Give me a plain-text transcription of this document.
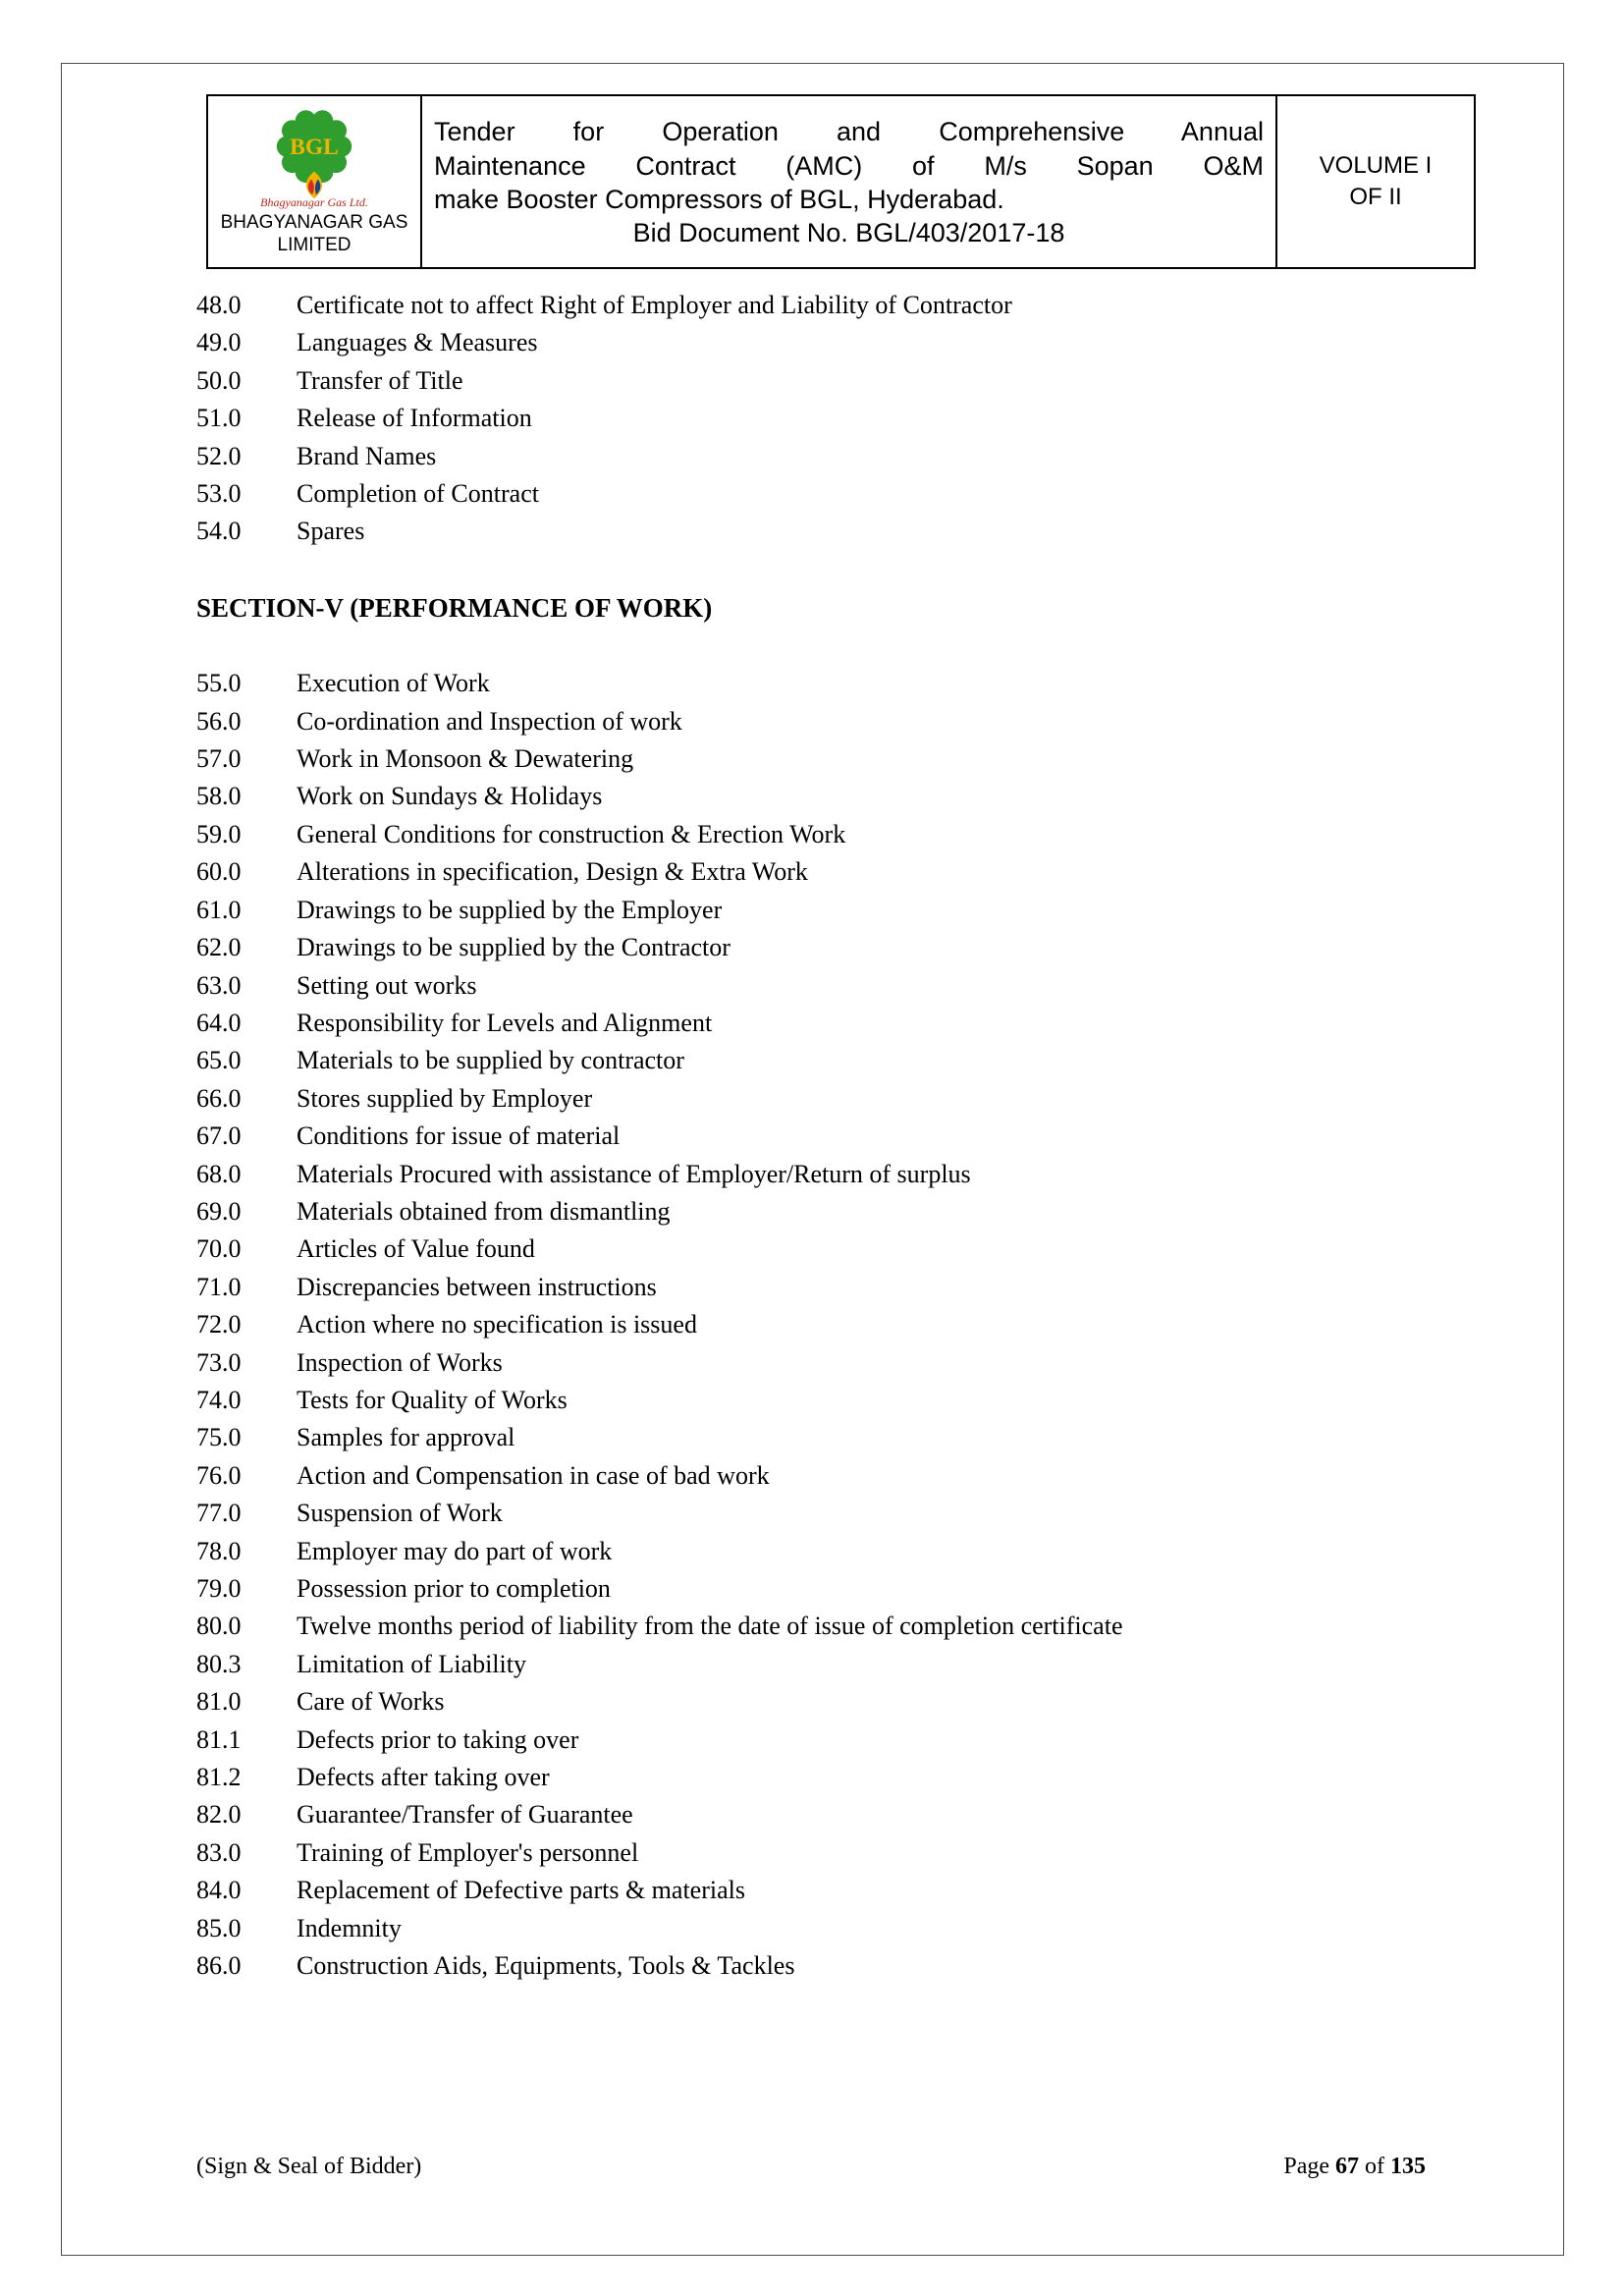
BGL
Bhagyanagar Gas Ltd.
BHAGYANAGAR GAS
LIMITED
Tender for Operation and Comprehensive Annual
Maintenance Contract (AMC) of M/s Sopan O&M
make Booster Compressors of BGL, Hyderabad.
Bid Document No. BGL/403/2017-18
VOLUME I
OF II
48.0	Certificate not to affect Right of Employer and Liability of Contractor
49.0	Languages & Measures
50.0	Transfer of Title
51.0	Release of Information
52.0	Brand Names
53.0	Completion of Contract
54.0	Spares
SECTION-V (PERFORMANCE OF WORK)
55.0	Execution of Work
56.0	Co-ordination and Inspection of work
57.0	Work in Monsoon & Dewatering
58.0	Work on Sundays & Holidays
59.0	General Conditions for construction & Erection Work
60.0	Alterations in specification, Design & Extra Work
61.0	Drawings to be supplied by the Employer
62.0	Drawings to be supplied by the Contractor
63.0	Setting out works
64.0	Responsibility for Levels and Alignment
65.0	Materials to be supplied by contractor
66.0	Stores supplied by Employer
67.0	Conditions for issue of material
68.0	Materials Procured with assistance of Employer/Return of surplus
69.0	Materials obtained from dismantling
70.0	Articles of Value found
71.0	Discrepancies between instructions
72.0	Action where no specification is issued
73.0	Inspection of Works
74.0	Tests for Quality of Works
75.0	Samples for approval
76.0	Action and Compensation in case of bad work
77.0	Suspension of Work
78.0	Employer may do part of work
79.0	Possession prior to completion
80.0	Twelve months period of liability from the date of issue of completion certificate
80.3	Limitation of Liability
81.0	Care of Works
81.1	Defects prior to taking over
81.2	Defects after taking over
82.0	Guarantee/Transfer of Guarantee
83.0	Training of Employer's personnel
84.0	Replacement of Defective parts & materials
85.0	Indemnity
86.0	Construction Aids, Equipments, Tools & Tackles
(Sign & Seal of Bidder)	Page 67 of 135
